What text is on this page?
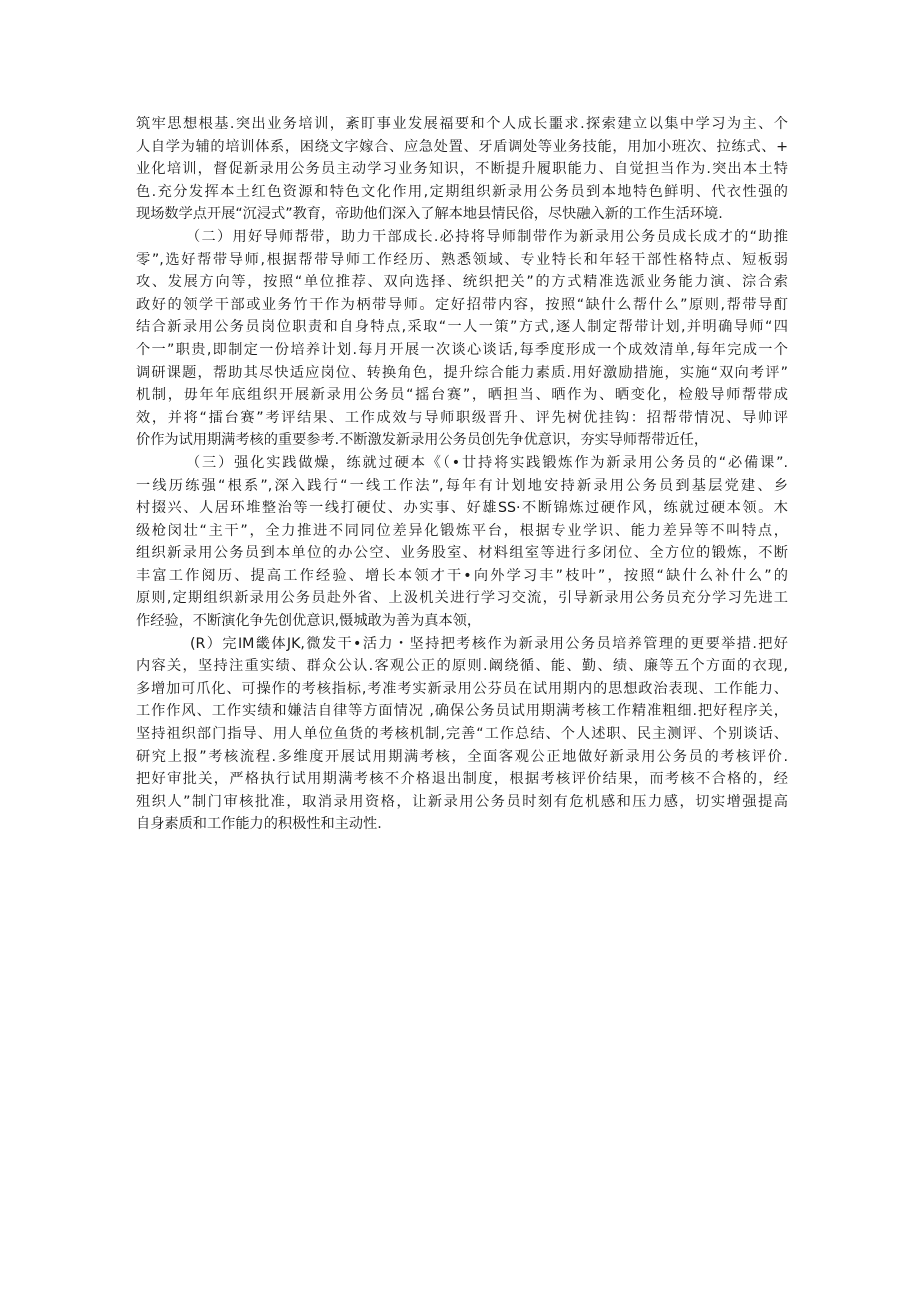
筑牢思想根基.突出业务培训，紊盯事业发展福要和个人成长噩求.探索建立以集中学习为主、个
人自学为辅的培训体系，困绕文字嫁合、应急处置、牙盾调处等业务技能，用加小班次、拉练式、+
业化培训，督促新录用公务员主动学习业务知识，不断提升履职能力、自觉担当作为.突出本土特
色.充分发挥本土红色资源和特色文化作用,定期组织新录用公务员到本地特色鲜明、代衣性强的
现场数学点开展“沉浸式”教育，帝助他们深入了解本地县情民俗，尽快融入新的工作生活环境.
（二）用好导师帮带，助力干部成长.必持将导师制带作为新录用公务员成长成才的“助推
零”,选好帮带导师,根据帮带导师工作经历、熟悉领域、专业特长和年轻干部性格特点、短板弱
攻、发展方向等，按照“单位推荐、双向选择、统织把关”的方式精准选派业务能力演、淙合索
政好的领学干部或业务竹干作为柄带导师。定好招带内容，按照“缺什么帮什么”原则,帮带导酊
结合新录用公务员岗位职责和自身特点,采取“一人一策”方式,逐人制定帮带计划,并明确导师“四
个一”职贵,即制定一份培养计划.每月开展一次谈心谈话,每季度形成一个成效清单,每年完成一个
调研课题，帮助其尽快适应岗位、转换角色，提升综合能力素质.用好激励措施，实施“双向考评”
机制，毋年年底组织开展新录用公务员“摇台赛”，晒担当、晒作为、晒变化，检般导师帮带成
效，并将“擂台赛”考评结果、工作成效与导师职级晋升、评先树优挂钩：招帮带情况、导帅评
价作为试用期满考核的重要参考.不断激发新录用公务员创先争优意识，夯实导师帮带近任，
（三）强化实践做燥，练就过硬本《（•廿持将实践锻炼作为新录用公务员的“必備课”.
一线历练强“根系”,深入践行“一线工作法”,每年有计划地安持新录用公务员到基层党建、乡
村掇兴、人居环堆整治等一线打硬仗、办实事、好雄SS·不断锦炼过硬作风，练就过硬本领。木
级枪闵壮“主干”，全力推进不同同位差异化锻炼平台，根据专业学识、能力差异等不叫特点，
组织新录用公务员到本单位的办公空、业务股室、材料组室等进行多闭位、全方位的锻炼，不断
丰富工作阅历、提高工作经验、增长本领才干•向外学习丰”枝叶”，按照“缺什么补什么”的
原则,定期组织新录用公务员赴外省、上汲机关进行学习交流，引导新录用公务员充分学习先进工
作经验，不断演化争先创优意识,慑城敢为善为真本领，
(R）完IM畿体JK,微发干•活力・坚持把考核作为新录用公务员培养管理的更要举措.把好
内容关，坚持注重实绩、群众公认.客观公正的原则.阚绕循、能、勤、绩、廉等五个方面的衣现,
多增加可爪化、可操作的考核指标,考准考实新录用公芬员在试用期内的思想政治表现、工作能力、
工作作风、工作实绩和嫌洁自律等方面情况 ,确保公务员试用期满考核工作精准粗细.把好程序关，
坚持祖织部门指导、用人单位鱼货的考核机制,完善“工作总结、个人述职、民主测评、个别谈话、
研究上报”考核流程.多维度开展试用期满考核，全面客观公正地做好新录用公务员的考核评价.
把好审批关，严格执行试用期满考核不介格退出制度，根据考核评价结果，而考核不合格的，经
殂织人”制门审核批准，取消录用资格，让新录用公务员时刻有危机感和压力感，切实增强提高
自身素质和工作能力的积极性和主动性.
